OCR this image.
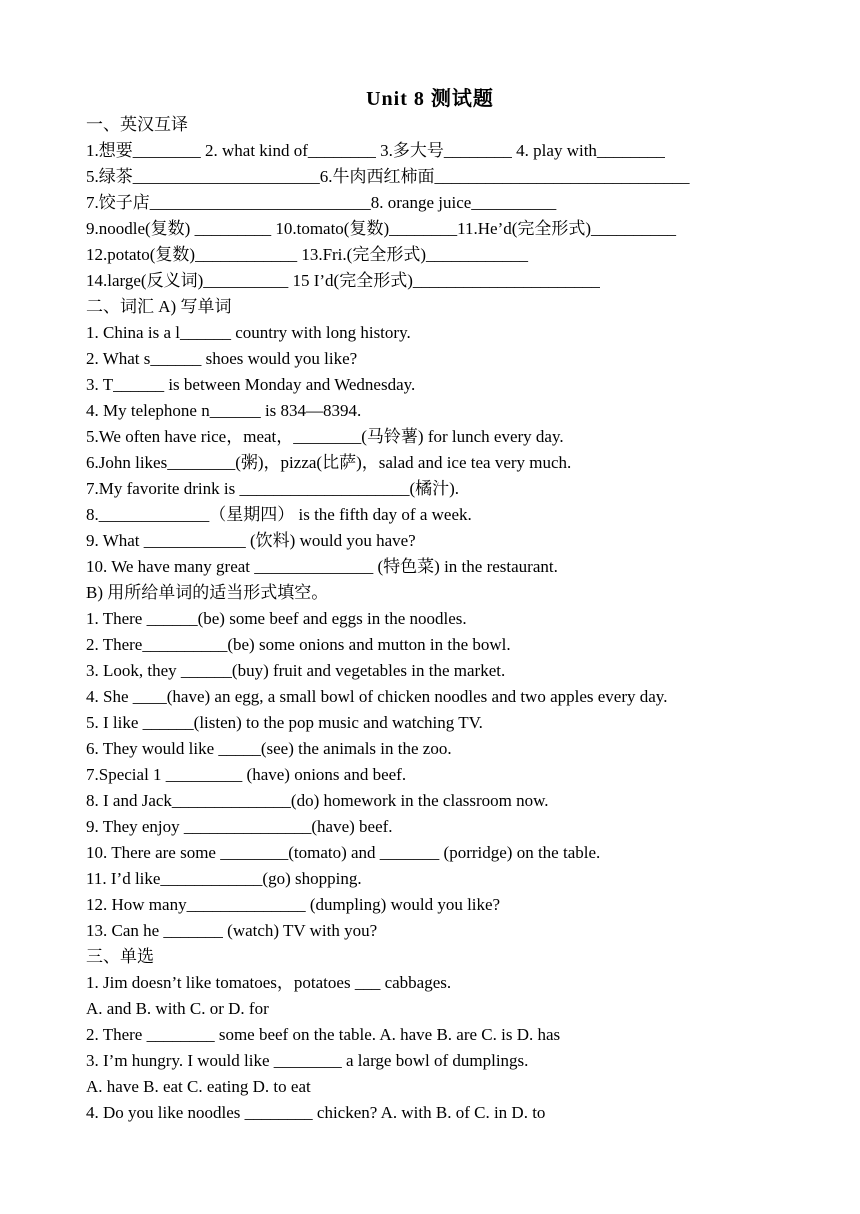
Unit 8 测试题
一、英汉互译
1.想要________ 2. what kind of________ 3.多大号________ 4. play with________
5.绿茶______________________6.牛肉西红柿面______________________________
7.饺子店__________________________8. orange juice__________
9.noodle(复数) _________ 10.tomato(复数)________11.He’d(完全形式)__________
12.potato(复数)____________ 13.Fri.(完全形式)____________
14.large(反义词)__________ 15 I’d(完全形式)______________________
二、词汇 A) 写单词
1. China is a l______ country with long history.
2. What s______ shoes would you like?
3. T______ is between Monday and Wednesday.
4. My telephone n______ is 834—8394.
5.We often have rice，meat，________(马铃薯) for lunch every day.
6.John likes________(粥)，pizza(比萨)，salad and ice tea very much.
7.My favorite drink is ____________________(橘汁).
8._____________（星期四） is the fifth day of a week.
9. What ____________ (饮料) would you have?
10. We have many great ______________ (特色菜) in the restaurant.
B) 用所给单词的适当形式填空。
1. There ______(be) some beef and eggs in the noodles.
2. There__________(be) some onions and mutton in the bowl.
3. Look, they ______(buy) fruit and vegetables in the market.
4. She ____(have) an egg, a small bowl of chicken noodles and two apples every day.
5. I like ______(listen) to the pop music and watching TV.
6. They would like _____(see) the animals in the zoo.
7.Special 1 _________ (have) onions and beef.
8. I and Jack______________(do) homework in the classroom now.
9. They enjoy _______________(have) beef.
10. There are some ________(tomato) and _______ (porridge) on the table.
11. I’d like____________(go) shopping.
12. How many______________ (dumpling) would you like?
13. Can he _______ (watch) TV with you?
三、单选
1. Jim doesn’t like tomatoes，potatoes ___ cabbages.
A. and B. with C. or D. for
2. There ________ some beef on the table. A. have B. are C. is D. has
3. I’m hungry. I would like ________ a large bowl of dumplings.
A. have B. eat C. eating D. to eat
4. Do you like noodles ________ chicken? A. with B. of C. in D. to
